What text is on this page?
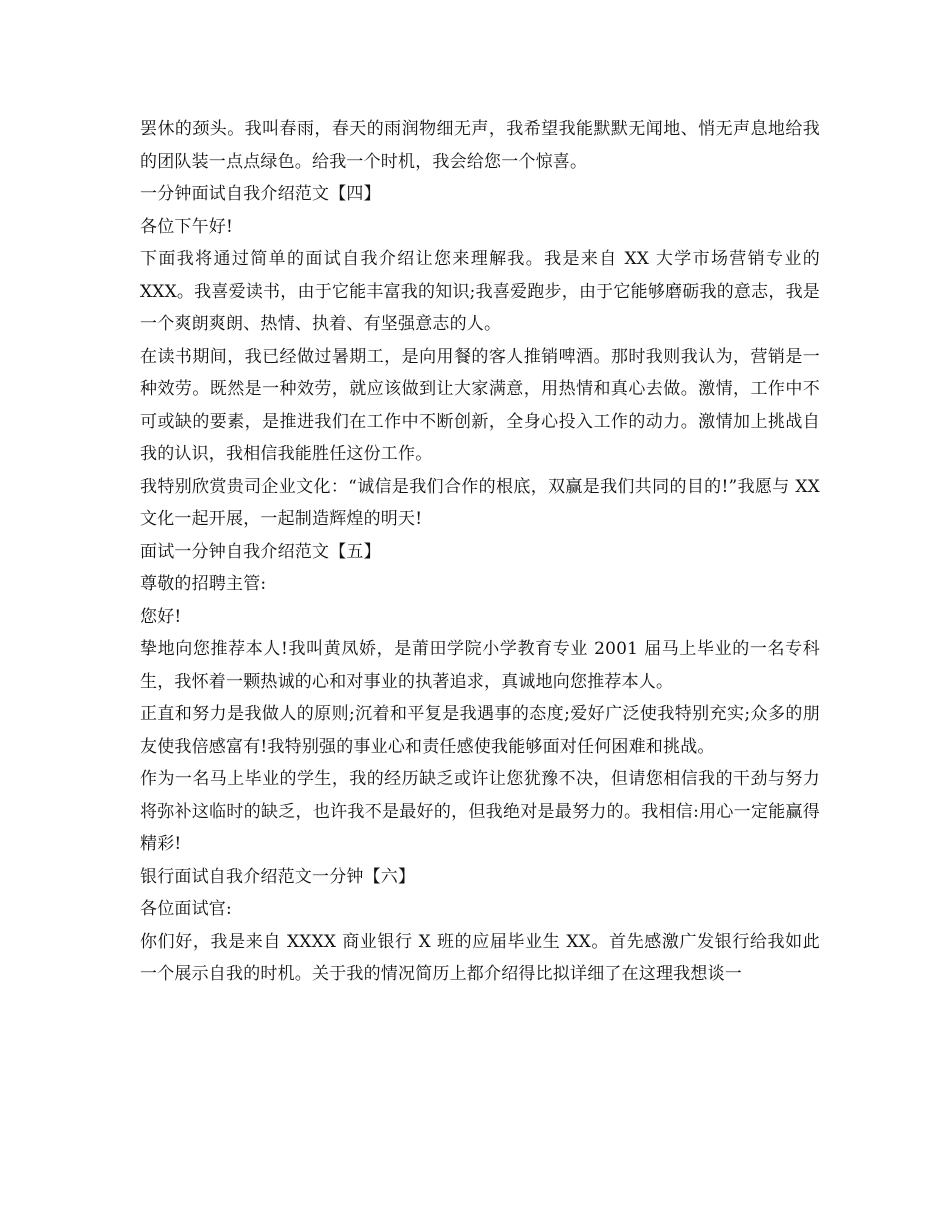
罢休的颈头。我叫春雨，春天的雨润物细无声，我希望我能默默无闻地、悄无声息地给我的团队装一点点绿色。给我一个时机，我会给您一个惊喜。

一分钟面试自我介绍范文【四】

各位下午好!

下面我将通过简单的面试自我介绍让您来理解我。我是来自 XX 大学市场营销专业的 XXX。我喜爱读书，由于它能丰富我的知识;我喜爱跑步，由于它能够磨砺我的意志，我是一个爽朗爽朗、热情、执着、有坚强意志的人。

在读书期间，我已经做过暑期工，是向用餐的客人推销啤酒。那时我则我认为，营销是一种效劳。既然是一种效劳，就应该做到让大家满意，用热情和真心去做。激情，工作中不可或缺的要素，是推进我们在工作中不断创新，全身心投入工作的动力。激情加上挑战自我的认识，我相信我能胜任这份工作。

我特别欣赏贵司企业文化：“诚信是我们合作的根底，双赢是我们共同的目的!”我愿与 XX 文化一起开展，一起制造辉煌的明天!

面试一分钟自我介绍范文【五】

尊敬的招聘主管:

您好!

挚地向您推荐本人!我叫黄凤娇，是莆田学院小学教育专业 2001 届马上毕业的一名专科生，我怀着一颗热诚的心和对事业的执著追求，真诚地向您推荐本人。

正直和努力是我做人的原则;沉着和平复是我遇事的态度;爱好广泛使我特别充实;众多的朋友使我倍感富有!我特别强的事业心和责任感使我能够面对任何困难和挑战。

作为一名马上毕业的学生，我的经历缺乏或许让您犹豫不决，但请您相信我的干劲与努力将弥补这临时的缺乏，也许我不是最好的，但我绝对是最努力的。我相信:用心一定能赢得精彩!

银行面试自我介绍范文一分钟【六】

各位面试官:

你们好，我是来自 XXXX 商业银行 X 班的应届毕业生 XX。首先感激广发银行给我如此一个展示自我的时机。关于我的情况简历上都介绍得比拟详细了在这理我想谈一
